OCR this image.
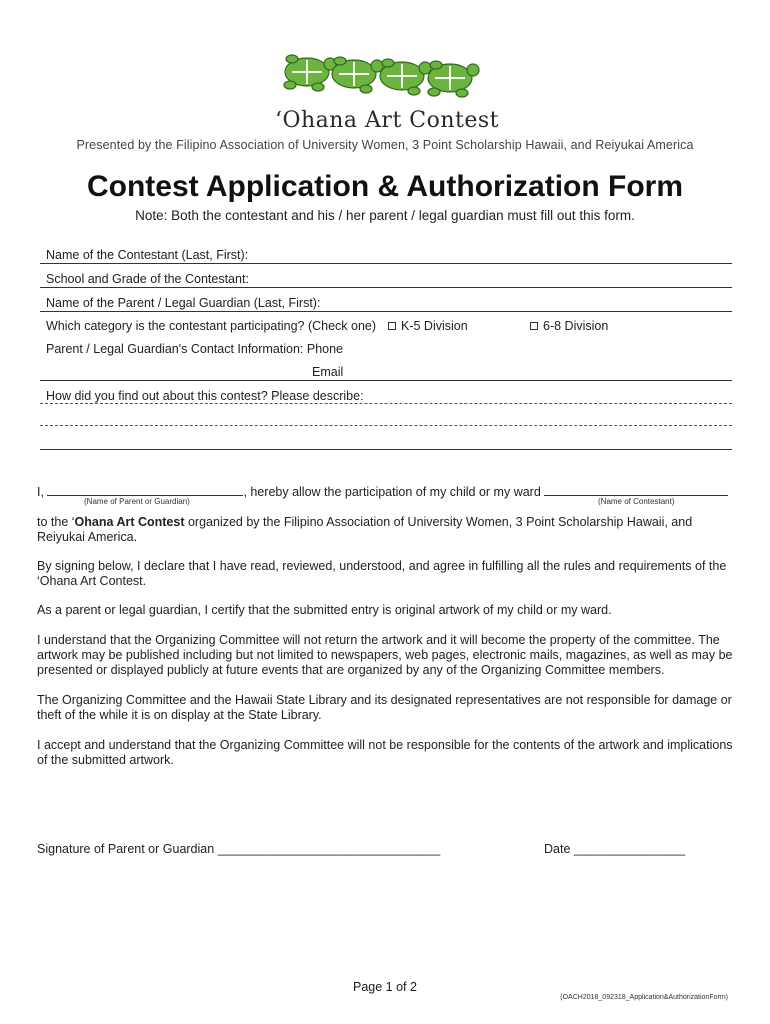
‘Ohana Art Contest
Presented by the Filipino Association of University Women, 3 Point Scholarship Hawaii, and Reiyukai America
Contest Application & Authorization Form
Note: Both the contestant and his / her parent / legal guardian must fill out this form.
Name of the Contestant (Last, First):
School and Grade of the Contestant:
Name of the Parent / Legal Guardian (Last, First):
Which category is the contestant participating? (Check one)	K-5 Division	6-8 Division
Parent / Legal Guardian's Contact Information: Phone
Email
How did you find out about this contest? Please describe:
I,	, hereby allow the participation of my child or my ward
(Name of Parent or Guardian)	(Name of Contestant)
to the ‘Ohana Art Contest organized by the Filipino Association of University Women, 3 Point Scholarship Hawaii, and Reiyukai America.
By signing below, I declare that I have read, reviewed, understood, and agree in fulfilling all the rules and requirements of the ‘Ohana Art Contest.
As a parent or legal guardian, I certify that the submitted entry is original artwork of my child or my ward.
I understand that the Organizing Committee will not return the artwork and it will become the property of the committee. The artwork may be published including but not limited to newspapers, web pages, electronic mails, magazines, as well as may be presented or displayed publicly at future events that are organized by any of the Organizing Committee members.
The Organizing Committee and the Hawaii State Library and its designated representatives are not responsible for damage or theft of the while it is on display at the State Library.
I accept and understand that the Organizing Committee will not be responsible for the contents of the artwork and implications of the submitted artwork.
Signature of Parent or Guardian ________________________________	Date ________________
Page 1 of 2
(OACH2018_092318_Application&AuthorizationForm)
